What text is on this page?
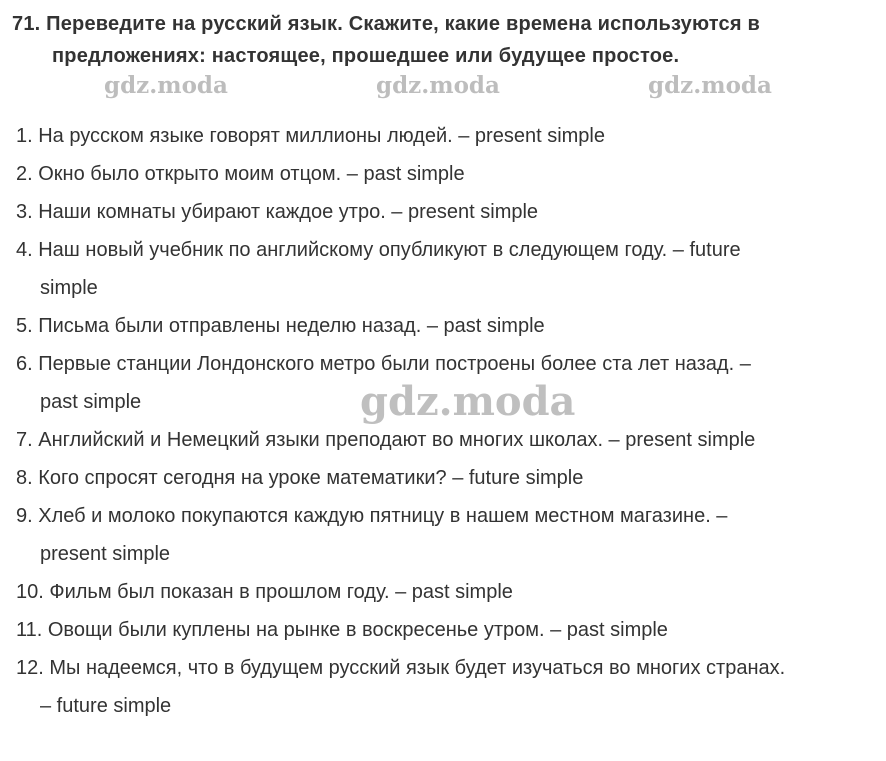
71. Переведите на русский язык. Скажите, какие времена используются в
предложениях: настоящее, прошедшее или будущее простое.
gdz.moda	gdz.moda	gdz.moda
1. На русском языке говорят миллионы людей. – present simple
2. Окно было открыто моим отцом. – past simple
3. Наши комнаты убирают каждое утро. – present simple
4. Наш новый учебник по английскому опубликуют в следующем году. – future
simple
5. Письма были отправлены неделю назад. – past simple
6. Первые станции Лондонского метро были построены более ста лет назад. –
past simple
7. Английский и Немецкий языки преподают во многих школах. – present simple
8. Кого спросят сегодня на уроке математики? – future simple
9. Хлеб и молоко покупаются каждую пятницу в нашем местном магазине. –
present simple
10. Фильм был показан в прошлом году. – past simple
11. Овощи были куплены на рынке в воскресенье утром. – past simple
12. Мы надеемся, что в будущем русский язык будет изучаться во многих странах.
– future simple
gdz.moda
